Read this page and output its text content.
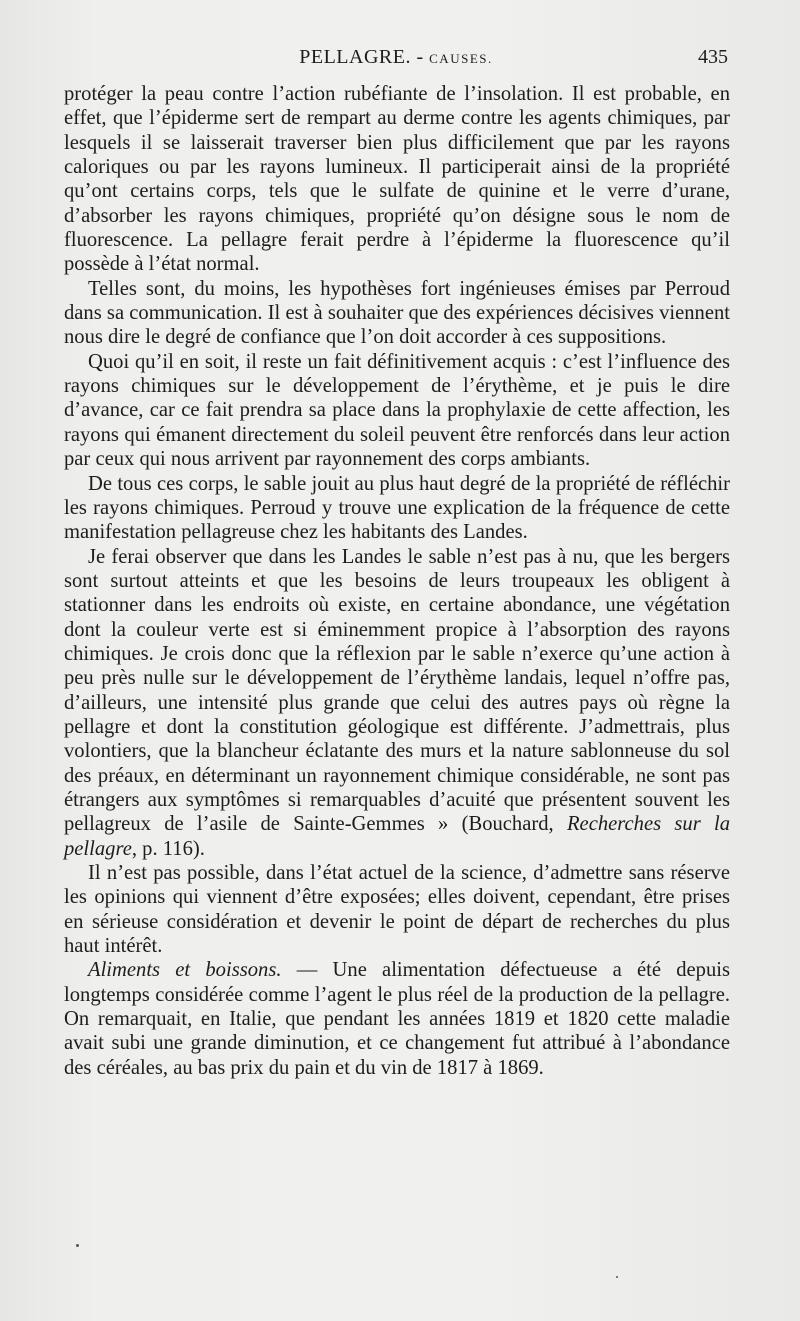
PELLAGRE. - CAUSES.	435

protéger la peau contre l’action rubéfiante de l’insolation. Il est probable, en effet, que l’épiderme sert de rempart au derme contre les agents chimiques, par lesquels il se laisserait traverser bien plus difficilement que par les rayons caloriques ou par les rayons lumineux. Il participerait ainsi de la propriété qu’ont certains corps, tels que le sulfate de quinine et le verre d’urane, d’absorber les rayons chimiques, propriété qu’on désigne sous le nom de fluorescence. La pellagre ferait perdre à l’épiderme la fluorescence qu’il possède à l’état normal.

Telles sont, du moins, les hypothèses fort ingénieuses émises par Perroud dans sa communication. Il est à souhaiter que des expériences décisives viennent nous dire le degré de confiance que l’on doit accorder à ces suppositions.

Quoi qu’il en soit, il reste un fait définitivement acquis : c’est l’influence des rayons chimiques sur le développement de l’érythème, et je puis le dire d’avance, car ce fait prendra sa place dans la prophylaxie de cette affection, les rayons qui émanent directement du soleil peuvent être renforcés dans leur action par ceux qui nous arrivent par rayonnement des corps ambiants.

De tous ces corps, le sable jouit au plus haut degré de la propriété de réfléchir les rayons chimiques. Perroud y trouve une explication de la fréquence de cette manifestation pellagreuse chez les habitants des Landes.

Je ferai observer que dans les Landes le sable n’est pas à nu, que les bergers sont surtout atteints et que les besoins de leurs troupeaux les obligent à stationner dans les endroits où existe, en certaine abondance, une végétation dont la couleur verte est si éminemment propice à l’absorption des rayons chimiques. Je crois donc que la réflexion par le sable n’exerce qu’une action à peu près nulle sur le développement de l’érythème landais, lequel n’offre pas, d’ailleurs, une intensité plus grande que celui des autres pays où règne la pellagre et dont la constitution géologique est différente. J’admettrais, plus volontiers, que la blancheur éclatante des murs et la nature sablonneuse du sol des préaux, en déterminant un rayonnement chimique considérable, ne sont pas étrangers aux symptômes si remarquables d’acuité que présentent souvent les pellagreux de l’asile de Sainte-Gemmes » (Bouchard, Recherches sur la pellagre, p. 116).

Il n’est pas possible, dans l’état actuel de la science, d’admettre sans réserve les opinions qui viennent d’être exposées; elles doivent, cependant, être prises en sérieuse considération et devenir le point de départ de recherches du plus haut intérêt.

Aliments et boissons. — Une alimentation défectueuse a été depuis longtemps considérée comme l’agent le plus réel de la production de la pellagre. On remarquait, en Italie, que pendant les années 1819 et 1820 cette maladie avait subi une grande diminution, et ce changement fut attribué à l’abondance des céréales, au bas prix du pain et du vin de 1817 à 1869.
